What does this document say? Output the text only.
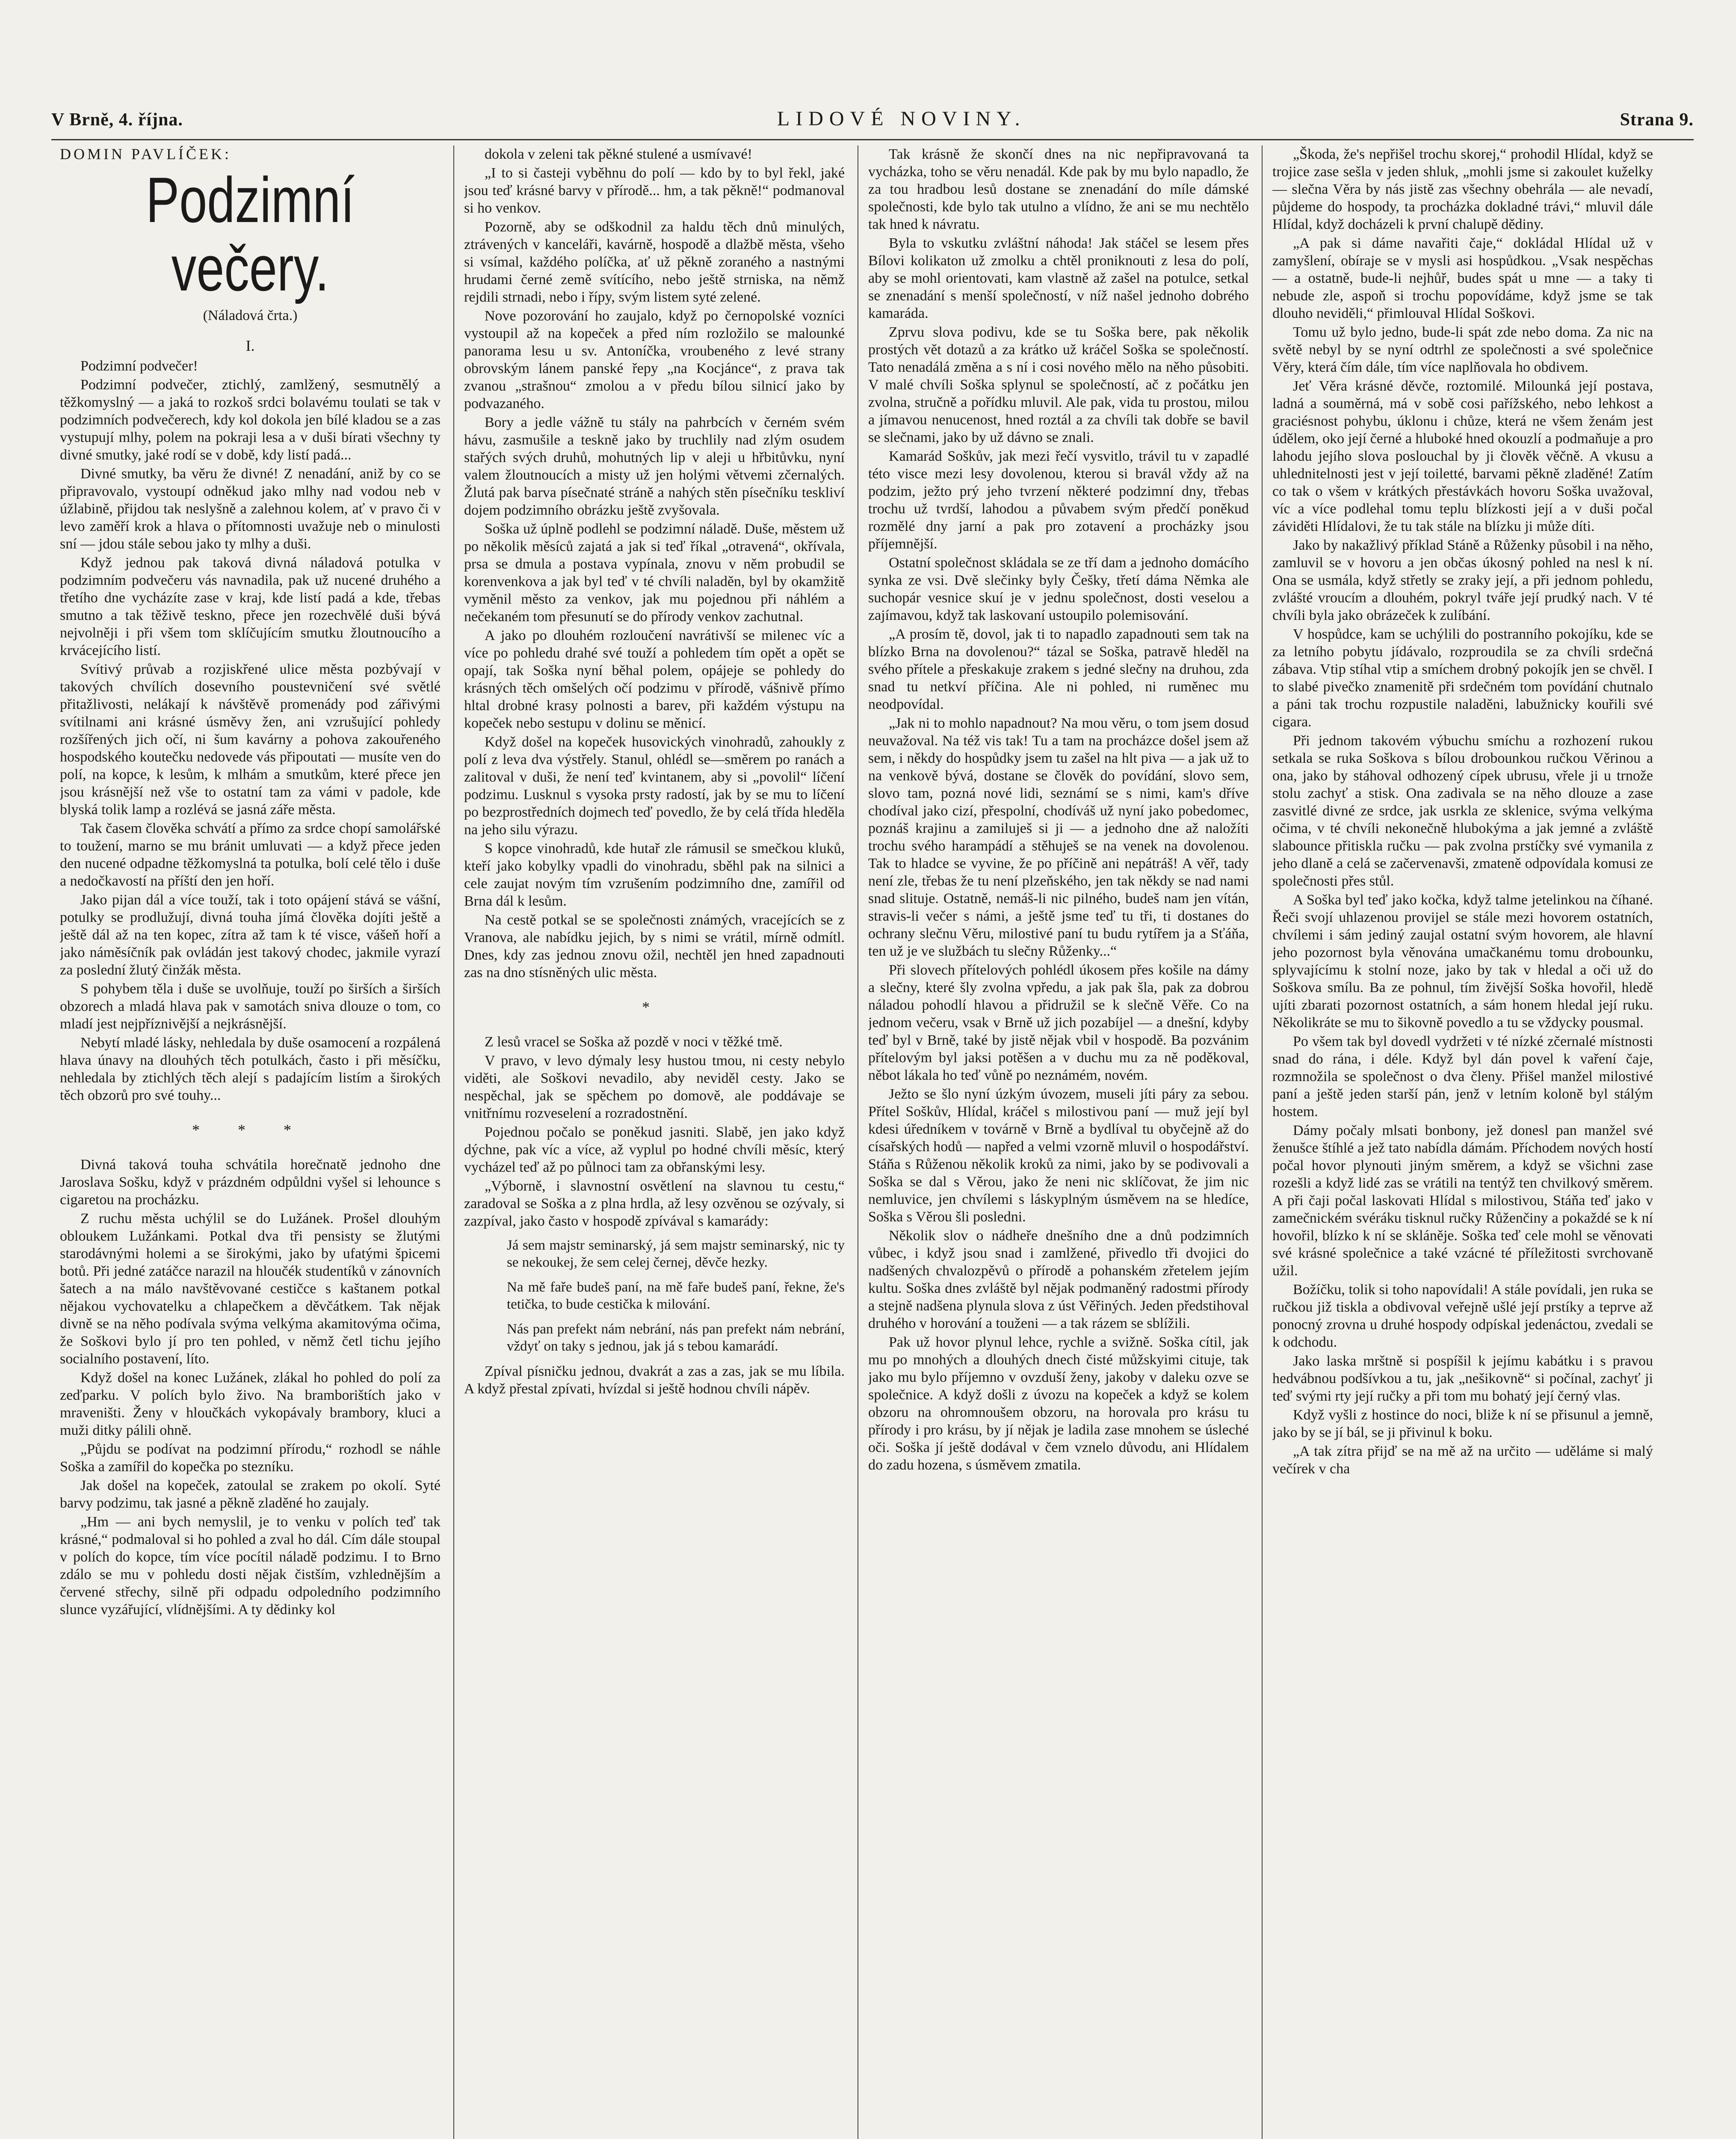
V Brně, 4. října.	LIDOVÉ NOVINY.	Strana 9.

DOMIN PAVLÍČEK:

Podzimní večery.

(Náladová črta.)

I.

Podzimní podvečer!

Podzimní podvečer, ztichlý, zamlžený, sesmutnělý a těžkomyslný — a jaká to rozkoš srdci bolavému toulati se tak v podzimních podvečerech, kdy kol dokola jen bílé kladou se a zas vystupují mlhy, polem na pokraji lesa a v duši bírati všechny ty divné smutky, jaké rodí se v době, kdy listí padá...

Divné smutky, ba věru že divné! Z nenadání, aniž by co se připravovalo, vystoupí odněkud jako mlhy nad vodou neb v úžlabině, přijdou tak neslyšně a zalehnou kolem, ať v pravo či v levo zaměří krok a hlava o přítomnosti uvažuje neb o minulosti sní — jdou stále sebou jako ty mlhy a duši.

Když jednou pak taková divná náladová potulka v podzimním podvečeru vás navnadila, pak už nucené druhého a třetího dne vycházíte zase v kraj, kde listí padá a kde, třebas smutno a tak těživě teskno, přece jen rozechvělé duši bývá nejvolněji i při všem tom sklíčujícím smutku žloutnoucího a krvácejícího listí.

Svítivý průvab a rozjiskřené ulice města pozbývají v takových chvílích dosevního poustevničení své světlé přitažlivosti, nelákají k návštěvě promenády pod zářivými svítilnami ani krásné úsměvy žen, ani vzrušující pohledy rozšířených jich očí, ni šum kavárny a pohova zakouřeného hospodského koutečku nedovede vás připoutati — musíte ven do polí, na kopce, k lesům, k mlhám a smutkům, které přece jen jsou krásnější než vše to ostatní tam za vámi v padole, kde blyská tolik lamp a rozlévá se jasná záře města.

Tak časem člověka schvátí a přímo za srdce chopí samolářské to toužení, marno se mu bránit umluvati — a když přece jeden den nucené odpadne těžkomyslná ta potulka, bolí celé tělo i duše a nedočkavostí na příští den jen hoří.

Jako pijan dál a více touží, tak i toto opájení stává se vášní, potulky se prodlužují, divná touha jímá člověka dojíti ještě a ještě dál až na ten kopec, zítra až tam k té visce, vášeň hoří a jako náměsíčník pak ovládán jest takový chodec, jakmile vyrazí za poslední žlutý činžák města.

S pohybem těla i duše se uvolňuje, touží po širších a širších obzorech a mladá hlava pak v samotách sniva dlouze o tom, co mladí jest nejpříznivější a nejkrásnější.

Nebytí mladé lásky, nehledala by duše osamocení a rozpálená hlava únavy na dlouhých těch potulkách, často i při měsíčku, nehledala by ztichlých těch alejí s padajícím listím a širokých těch obzorů pro své touhy...

* * *

Divná taková touha schvátila horečnatě jednoho dne Jaroslava Sošku, když v prázdném odpůldni vyšel si lehounce s cigaretou na procházku.

Z ruchu města uchýlil se do Lužánek. Prošel dlouhým obloukem Lužánkami. Potkal dva tři pensisty se žlutými starodávnými holemi a se širokými, jako by ufatými špicemi botů. Při jedné zatáčce narazil na hloučék studentíků v zánovních šatech a na málo navštěvované cestičce s kaštanem potkal nějakou vychovatelku a chlapečkem a děvčátkem. Tak nějak divně se na něho podívala svýma velkýma akamitovýma očima, že Soškovi bylo jí pro ten pohled, v němž četl tichu jejího socialního postavení, líto.

Když došel na konec Lužánek, zlákal ho pohled do polí za zeďparku. V polích bylo živo. Na bramborištích jako v mraveništi. Ženy v hloučkách vykopávaly brambory, kluci a muži ditky pálili ohně.

„Půjdu se podívat na podzimní přírodu,“ rozhodl se náhle Soška a zamířil do kopečka po stezníku.

Jak došel na kopeček, zatoulal se zrakem po okolí. Syté barvy podzimu, tak jasné a pěkně zladěné ho zaujaly.

„Hm — ani bych nemyslil, je to venku v polích teď tak krásné,“ podmaloval si ho pohled a zval ho dál. Cím dále stoupal v polích do kopce, tím více pocítil náladě podzimu. I to Brno zdálo se mu v pohledu dosti nějak čistším, vzhlednějším a červené střechy, silně při odpadu odpoledního podzimního slunce vyzářující, vlídnějšími. A ty dědinky kol

dokola v zeleni tak pěkné stulené a usmívavé!

„I to si časteji vyběhnu do polí — kdo by to byl řekl, jaké jsou teď krásné barvy v přírodě... hm, a tak pěkně!“ podmanoval si ho venkov.

Pozorně, aby se odškodnil za haldu těch dnů minulých, ztrávených v kanceláři, kavárně, hospodě a dlažbě města, všeho si vsímal, každého políčka, ať už pěkně zoraného a nastnými hrudami černé země svítícího, nebo ještě strniska, na němž rejdili strnadi, nebo i řípy, svým listem syté zelené.

Nove pozorování ho zaujalo, když po černopolské vozníci vystoupil až na kopeček a před ním rozložilo se malounké panorama lesu u sv. Antoníčka, vroubeného z levé strany obrovským lánem panské řepy „na Kocjánce“, z prava tak zvanou „strašnou“ zmolou a v předu bílou silnicí jako by podvazaného.

Bory a jedle vážně tu stály na pahrbcích v černém svém hávu, zasmušile a teskně jako by truchlily nad zlým osudem stařých svých druhů, mohutných lip v aleji u hřbitůvku, nyní valem žloutnoucích a misty už jen holými větvemi zčernalých. Žlutá pak barva písečnaté stráně a nahých stěn písečníku teskliví dojem podzimního obrázku ještě zvyšovala.

Soška už úplně podlehl se podzimní náladě. Duše, městem už po několik měsíců zajatá a jak si teď říkal „otravená“, okřívala, prsa se dmula a postava vypínala, znovu v něm probudil se korenvenkova a jak byl teď v té chvíli naladěn, byl by okamžitě vyměnil město za venkov, jak mu pojednou při náhlém a nečekaném tom přesunutí se do přírody venkov zachutnal.

A jako po dlouhém rozloučení navrátivší se milenec víc a více po pohledu drahé své touží a pohledem tím opět a opět se opají, tak Soška nyní běhal polem, opájeje se pohledy do krásných těch omšelých očí podzimu v přírodě, vášnivě přímo hltal drobné krasy polnosti a barev, při každém výstupu na kopeček nebo sestupu v dolinu se měnicí.

Když došel na kopeček husovických vinohradů, zahoukly z polí z leva dva výstřely. Stanul, ohlédl se—směrem po ranách a zalitoval v duši, že není teď kvintanem, aby si „povolil“ líčení podzimu. Lusknul s vysoka prsty radostí, jak by se mu to líčení po bezprostředních dojmech teď povedlo, že by celá třída hleděla na jeho silu výrazu.

S kopce vinohradů, kde hutař zle rámusil se smečkou kluků, kteří jako kobylky vpadli do vinohradu, sběhl pak na silnici a cele zaujat novým tím vzrušením podzimního dne, zamířil od Brna dál k lesům.

Na cestě potkal se se společnosti známých, vracejících se z Vranova, ale nabídku jejich, by s nimi se vrátil, mírně odmítl. Dnes, kdy zas jednou znovu ožil, nechtěl jen hned zapadnouti zas na dno stísněných ulic města.

*

Z lesů vracel se Soška až pozdě v noci v těžké tmě.

V pravo, v levo dýmaly lesy hustou tmou, ni cesty nebylo viděti, ale Soškovi nevadilo, aby neviděl cesty. Jako se nespěchal, jak se spěchem po domově, ale poddávaje se vnitřnímu rozveselení a rozradostnění.

Pojednou počalo se poněkud jasniti. Slabě, jen jako když dýchne, pak víc a více, až vyplul po hodné chvíli měsíc, který vycházel teď až po půlnoci tam za obřanskými lesy.

„Výborně, i slavnostní osvětlení na slavnou tu cestu,“ zaradoval se Soška a z plna hrdla, až lesy ozvěnou se ozývaly, si zazpíval, jako často v hospodě zpívával s kamarády:

Já sem majstr seminarský, já sem majstr seminarský, nic ty se nekoukej, že sem celej černej, děvče hezky.
Na mě faře budeš paní, na mě faře budeš paní, řekne, že's tetička, to bude cestička k milování.
Nás pan prefekt nám nebrání, nás pan prefekt nám nebrání, vždyť on taky s jednou, jak já s tebou kamarádí.

Zpíval písničku jednou, dvakrát a zas a zas, jak se mu líbila. A když přestal zpívati, hvízdal si ještě hodnou chvíli nápěv.

Tak krásně že skončí dnes na nic nepřipravovaná ta vycházka, toho se věru nenadál. Kde pak by mu bylo napadlo, že za tou hradbou lesů dostane se znenadání do míle dámské společnosti, kde bylo tak utulno a vlídno, že ani se mu nechtělo tak hned k návratu.

Byla to vskutku zvláštní náhoda! Jak stáčel se lesem přes Bílovi kolikaton už zmolku a chtěl proniknouti z lesa do polí, aby se mohl orientovati, kam vlastně až zašel na potulce, setkal se znenadání s menší společností, v níž našel jednoho dobrého kamaráda.

Zprvu slova podivu, kde se tu Soška bere, pak několik prostých vět dotazů a za krátko už kráčel Soška se společností. Tato nenadálá změna a s ní i cosi nového mělo na něho působiti. V malé chvíli Soška splynul se společností, ač z počátku jen zvolna, stručně a pořídku mluvil. Ale pak, vida tu prostou, milou a jímavou nenucenost, hned roztál a za chvíli tak dobře se bavil se slečnami, jako by už dávno se znali.

Kamarád Soškův, jak mezi řečí vysvitlo, trávil tu v zapadlé této visce mezi lesy dovolenou, kterou si bravál vždy až na podzim, ježto prý jeho tvrzení některé podzimní dny, třebas trochu už tvrdší, lahodou a půvabem svým předčí poněkud rozmělé dny jarní a pak pro zotavení a procházky jsou příjemnější.

Ostatní společnost skládala se ze tří dam a jednoho domácího synka ze vsi. Dvě slečinky byly Češky, třetí dáma Němka ale suchopár vesnice skuí je v jednu společnost, dosti veselou a zajímavou, když tak laskovaní ustoupilo polemisování.

„A prosím tě, dovol, jak ti to napadlo zapadnouti sem tak na blízko Brna na dovolenou?“ tázal se Soška, patravě hleděl na svého přítele a přeskakuje zrakem s jedné slečny na druhou, zda snad tu netkví příčina. Ale ni pohled, ni ruměnec mu neodpovídal.

„Jak ni to mohlo napadnout? Na mou věru, o tom jsem dosud neuvažoval. Na též vis tak! Tu a tam na procházce došel jsem až sem, i někdy do hospůdky jsem tu zašel na hlt piva — a jak už to na venkově bývá, dostane se člověk do povídání, slovo sem, slovo tam, pozná nové lidi, seznámí se s nimi, kam's dříve chodíval jako cizí, přespolní, chodíváš už nyní jako pobedomec, poznáš krajinu a zamiluješ si ji — a jednoho dne až naložíti trochu svého harampádí a stěhuješ se na venek na dovolenou. Tak to hladce se vyvine, že po příčině ani nepátráš! A věř, tady není zle, třebas že tu není plzeňského, jen tak někdy se nad nami snad slituje. Ostatně, nemáš-li nic pilného, budeš nam jen vítán, stravis-li večer s námi, a ještě jsme teď tu tři, ti dostanes do ochrany slečnu Věru, milostivé paní tu budu rytířem ja a Sťáňa, ten už je ve službách tu slečny Růženky...“

Při slovech přítelových pohlédl úkosem přes košile na dámy a slečny, které šly zvolna vpředu, a jak pak šla, pak za dobrou náladou pohodlí hlavou a přidružil se k slečně Věře. Co na jednom večeru, vsak v Brně už jich pozabíjel — a dnešní, kdyby teď byl v Brně, také by jistě nějak vbil v hospodě. Ba pozvánim přítelovým byl jaksi potěšen a v duchu mu za ně poděkoval, něbot lákala ho teď vůně po neznámém, novém.

Ježto se šlo nyní úzkým úvozem, museli jíti páry za sebou. Přítel Soškův, Hlídal, kráčel s milostivou paní — muž její byl kdesi úředníkem v továrně v Brně a bydlíval tu obyčejně až do císařských hodů — napřed a velmi vzorně mluvil o hospodářství. Stáňa s Růženou několik kroků za nimi, jako by se podivovali a Soška se dal s Věrou, jako že neni nic sklíčovat, že jim nic nemluvice, jen chvílemi s láskyplným úsměvem na se hledíce, Soška s Věrou šli posledni.

Několik slov o nádheře dnešního dne a dnů podzimních vůbec, i když jsou snad i zamlžené, přivedlo tři dvojici do nadšených chvalozpěvů o přírodě a pohanském zřetelem jejím kultu. Soška dnes zvláště byl nějak podmaněný radostmi přírody a stejně nadšena plynula slova z úst Věřiných. Jeden předstihoval druhého v horování a touženi — a tak rázem se sblížili.

Pak už hovor plynul lehce, rychle a svižně. Soška cítil, jak mu po mnohých a dlouhých dnech čisté můžskyimi cituje, tak jako mu bylo příjemno v ovzduší ženy, jakoby v daleku ozve se společnice. A když došli z úvozu na kopeček a když se kolem obzoru na ohromnoušem obzoru, na horovala pro krásu tu přírody i pro krásu, by jí nějak je ladila zase mnohem se úsleché oči. Soška jí ještě dodával v čem vznelo důvodu, ani Hlídalem do zadu hozena, s úsměvem zmatila.

„Škoda, že's nepřišel trochu skorej,“ prohodil Hlídal, když se trojice zase sešla v jeden shluk, „mohli jsme si zakoulet kuželky — slečna Věra by nás jistě zas všechny obehrála — ale nevadí, půjdeme do hospody, ta procházka dokladné trávi,“ mluvil dále Hlídal, když docházeli k první chalupě dědiny.

„A pak si dáme navařiti čaje,“ dokládal Hlídal už v zamyšlení, obíraje se v mysli asi hospůdkou. „Vsak nespěchas — a ostatně, bude-li nejhůř, budes spát u mne — a taky ti nebude zle, aspoň si trochu popovídáme, když jsme se tak dlouho neviděli,“ přimlouval Hlídal Soškovi.

Tomu už bylo jedno, bude-li spát zde nebo doma. Za nic na světě nebyl by se nyní odtrhl ze společnosti a své společnice Věry, která čím dále, tím více naplňovala ho obdivem.

Jeť Věra krásné děvče, roztomilé. Milounká její postava, ladná a souměrná, má v sobě cosi pařížského, nebo lehkost a graciésnost pohybu, úklonu i chůze, která ne všem ženám jest údělem, oko její černé a hluboké hned okouzlí a podmaňuje a pro lahodu jejího slova poslouchal by ji člověk věčně. A vkusu a uhlednitelnosti jest v její toiletté, barvami pěkně zladěné! Zatím co tak o všem v krátkých přestávkách hovoru Soška uvažoval, víc a více podlehal tomu teplu blízkosti její a v duši počal záviděti Hlídalovi, že tu tak stále na blízku ji může díti.

Jako by nakažlivý příklad Stáně a Růženky působil i na něho, zamluvil se v hovoru a jen občas úkosný pohled na nesl k ní. Ona se usmála, když střetly se zraky její, a při jednom pohledu, zvlášté vroucím a dlouhém, pokryl tváře její prudký nach. V té chvíli byla jako obrázeček k zulíbání.

V hospůdce, kam se uchýlili do postranního pokojíku, kde se za letního pobytu jídávalo, rozproudila se za chvíli srdečná zábava. Vtip stíhal vtip a smíchem drobný pokojík jen se chvěl. I to slabé pivečko znamenitě při srdečném tom povídání chutnalo a páni tak trochu rozpustile naladěni, labužnicky kouřili své cigara.

Při jednom takovém výbuchu smíchu a rozhození rukou setkala se ruka Soškova s bílou drobounkou ručkou Věrinou a ona, jako by stáhoval odhozený cípek ubrusu, vřele ji u trnože stolu zachyť a stisk. Ona zadivala se na něho dlouze a zase zasvitlé divné ze srdce, jak usrkla ze sklenice, svýma velkýma očima, v té chvíli nekonečně hlubokýma a jak jemné a zvláště slabounce přitiskla ručku — pak zvolna prstíčky své vymanila z jeho dlaně a celá se začervenavši, zmateně odpovídala komusi ze společnosti přes stůl.

A Soška byl teď jako kočka, když talme jetelinkou na číhané. Řeči svojí uhlazenou provijel se stále mezi hovorem ostatních, chvílemi i sám jediný zaujal ostatní svým hovorem, ale hlavní jeho pozornost byla věnována umačkanému tomu drobounku, splyvajícímu k stolní noze, jako by tak v hledal a oči už do Soškova smílu. Ba ze pohnul, tím živější Soška hovořil, hledě ujíti zbarati pozornost ostatních, a sám honem hledal její ruku. Několikráte se mu to šikovně povedlo a tu se vždycky pousmal.

Po všem tak byl dovedl vydržeti v té nízké zčernalé místnosti snad do rána, i déle. Když byl dán povel k vaření čaje, rozmnožila se společnost o dva členy. Přišel manžel milostivé paní a ještě jeden starší pán, jenž v letním koloně byl stálým hostem.

Dámy počaly mlsati bonbony, jež donesl pan manžel své ženušce štíhlé a jež tato nabídla dámám. Příchodem nových hostí počal hovor plynouti jiným směrem, a když se všichni zase rozešli a když lidé zas se vrátili na tentýž ten chvilkový směrem. A při čaji počal laskovati Hlídal s milostivou, Stáňa teď jako v zamečnickém svéráku tisknul ručky Růženčiny a pokaždé se k ní hovořil, blízko k ní se skláněje. Soška teď cele mohl se věnovati své krásné společnice a také vzácné té příležitosti svrchovaně užil.

Božíčku, tolik si toho napovídali! A stále povídali, jen ruka se ručkou již tiskla a obdivoval veřejně ušlé její prstíky a teprve až ponocný zrovna u druhé hospody odpískal jedenáctou, zvedali se k odchodu.

Jako laska mrštně si pospíšil k jejímu kabátku i s pravou hedvábnou podšívkou a tu, jak „nešikovně“ si počínal, zachyť ji teď svými rty její ručky a při tom mu bohatý její černý vlas.

Když vyšli z hostince do noci, bliže k ní se přisunul a jemně, jako by se jí bál, se ji přivinul k boku.

„A tak zítra přijď se na mě až na určito — uděláme si malý večírek v cha
